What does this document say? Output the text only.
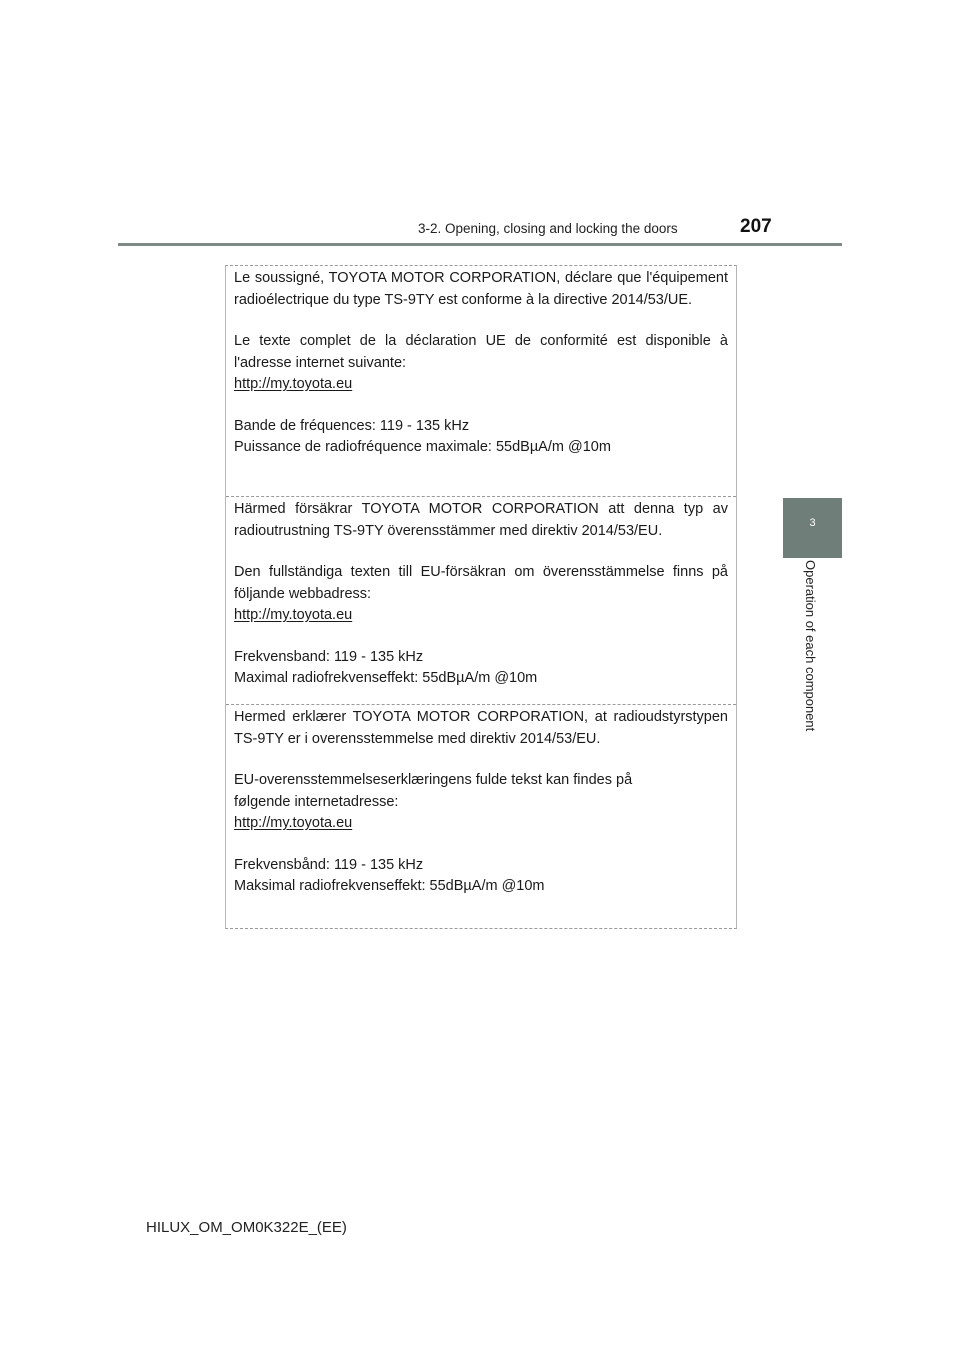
3-2. Opening, closing and locking the doors	207
3
Operation of each component

Le soussigné, TOYOTA MOTOR CORPORATION, déclare que l'équipement radioélectrique du type TS-9TY est conforme à la directive 2014/53/UE.

Le texte complet de la déclaration UE de conformité est disponible à l'adresse internet suivante:

http://my.toyota.eu

Bande de fréquences: 119 - 135 kHz

Puissance de radiofréquence maximale: 55dBµA/m @10m

Härmed försäkrar TOYOTA MOTOR CORPORATION att denna typ av radioutrustning TS-9TY överensstämmer med direktiv 2014/53/EU.

Den fullständiga texten till EU-försäkran om överensstämmelse finns på följande webbadress:

http://my.toyota.eu

Frekvensband: 119 - 135 kHz

Maximal radiofrekvenseffekt: 55dBµA/m @10m

Hermed erklærer TOYOTA MOTOR CORPORATION, at radioudstyrstypen TS-9TY er i overensstemmelse med direktiv 2014/53/EU.

EU-overensstemmelseserklæringens fulde tekst kan findes på følgende internetadresse:

http://my.toyota.eu

Frekvensbånd: 119 - 135 kHz

Maksimal radiofrekvenseffekt: 55dBµA/m @10m

HILUX_OM_OM0K322E_(EE)
